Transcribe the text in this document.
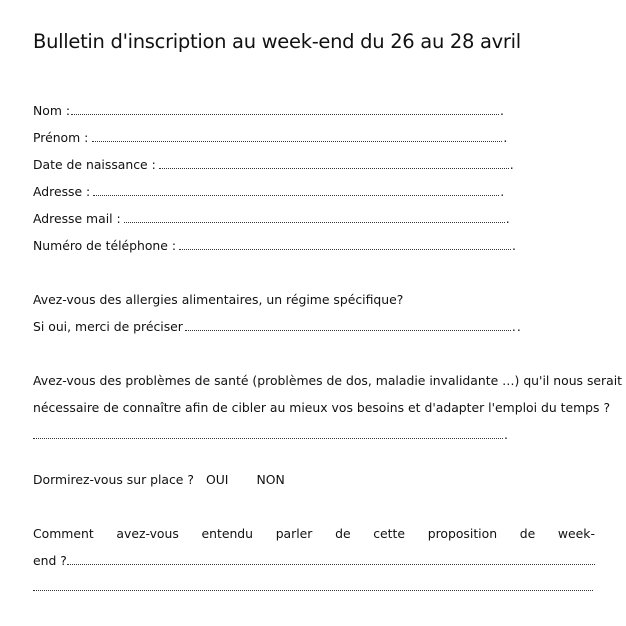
Bulletin d'inscription au week-end du 26 au 28 avril
Nom :	.
Prénom :	.
Date de naissance :	.
Adresse :	.
Adresse mail :	.
Numéro de téléphone :	.
Avez-vous des allergies alimentaires, un régime spécifique?
Si oui, merci de préciser	. .
Avez-vous des problèmes de santé (problèmes de dos, maladie invalidante …) qu'il nous serait
nécessaire de connaître afin de cibler au mieux vos besoins et d'adapter l'emploi du temps ?
.
Dormirez-vous sur place ? OUI NON
Comment avez-vous entendu parler de cette proposition de week-
end ?
